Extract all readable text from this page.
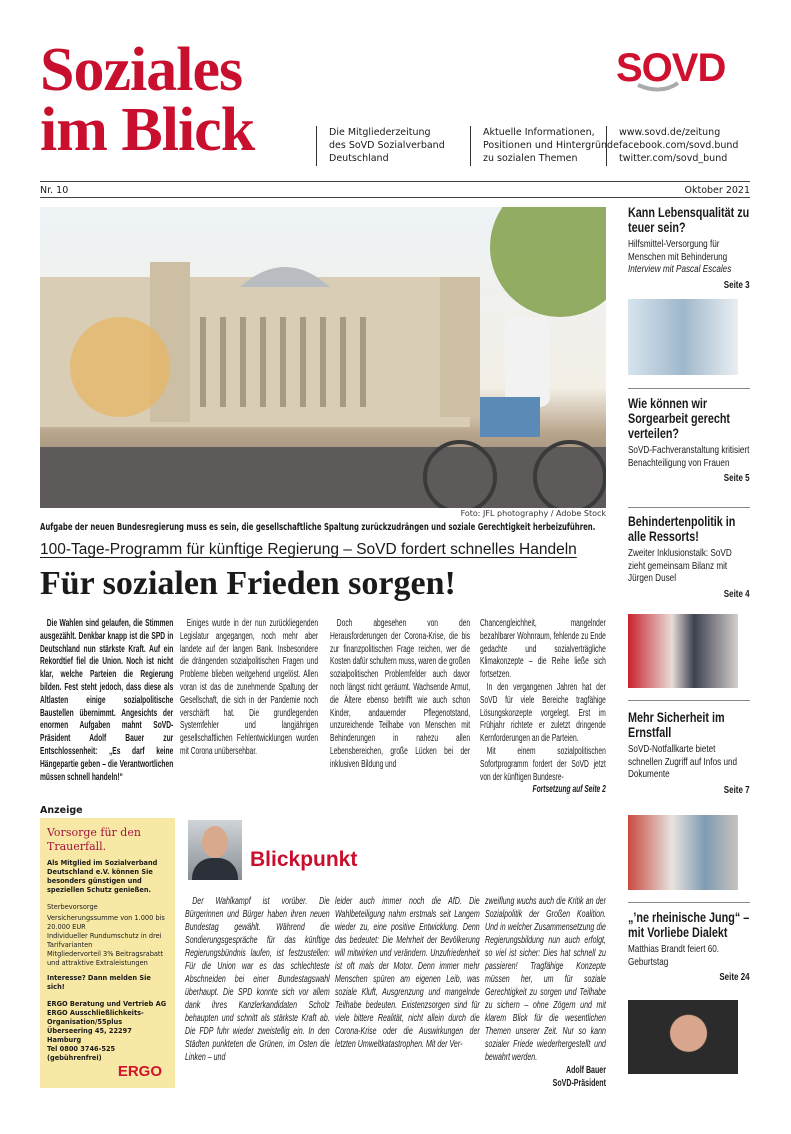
Soziales
im Blick	Die Mitgliederzeitung
des SoVD Sozialverband
Deutschland
Aktuelle Informationen,
Positionen und Hintergründe
zu sozialen Themen
www.sovd.de/zeitung
facebook.com/sovd.bund
twitter.com/sovd_bund
SOVD
Nr. 10	Oktober 2021
Foto: JFL photography / Adobe Stock
Aufgabe der neuen Bundesregierung muss es sein, die gesellschaftliche Spaltung zurückzudrängen und soziale Gerechtigkeit herbeizuführen.
100-Tage-Programm für künftige Regierung – SoVD fordert schnelles Handeln
Für sozialen Frieden sorgen!
Die Wahlen sind gelaufen, die Stimmen ausgezählt. Denkbar knapp ist die SPD in Deutschland nun stärkste Kraft. Auf ein Rekordtief fiel die Union. Noch ist nicht klar, welche Parteien die Regierung bilden. Fest steht jedoch, dass diese als Altlasten einige sozialpolitische Baustellen übernimmt. Angesichts der enormen Aufgaben mahnt SoVD-Präsident Adolf Bauer zur Entschlossenheit: „Es darf keine Hängepartie geben – die Verantwortlichen müssen schnell handeln!“
Einiges wurde in der nun zurückliegenden Legislatur angegangen, noch mehr aber landete auf der langen Bank. Insbesondere die drängenden sozialpolitischen Fragen und Probleme blieben weitgehend ungelöst. Allen voran ist das die zunehmende Spaltung der Gesellschaft, die sich in der Pandemie noch verschärft hat. Die grundlegenden Systemfehler und langjährigen gesellschaftlichen Fehlentwicklungen wurden mit Corona unübersehbar.
Doch abgesehen von den Herausforderungen der Corona-Krise, die bis zur finanzpolitischen Frage reichen, wer die Kosten dafür schultern muss, waren die großen sozialpolitischen Problemfelder auch davor noch längst nicht geräumt. Wachsende Armut, die Ältere ebenso betrifft wie auch schon Kinder, andauernder Pflegenotstand, unzureichende Teilhabe von Menschen mit Behinderungen in nahezu allen Lebensbereichen, große Lücken bei der inklusiven Bildung und

Chancengleichheit, mangelnder bezahlbarer Wohnraum, fehlende zu Ende gedachte und sozialverträgliche Klimakonzepte – die Reihe ließe sich fortsetzen.

In den vergangenen Jahren hat der SoVD für viele Bereiche tragfähige Lösungskonzepte vorgelegt. Erst im Frühjahr richtete er zuletzt dringende Kernforderungen an die Parteien.

Mit einem sozialpolitischen Sofortprogramm fordert der SoVD jetzt von der künftigen Bundesre-

Fortsetzung auf Seite 2

Anzeige
Vorsorge für den Trauerfall.
Als Mitglied im Sozialverband Deutschland e.V. können Sie besonders günstigen und speziellen Schutz genießen.
Sterbevorsorge
Versicherungssumme von 1.000 bis 20.000 EUR
Individueller Rundumschutz in drei Tarifvarianten
Mitgliedervorteil 3% Beitragsrabatt und attraktive Extraleistungen
Interesse? Dann melden Sie sich!
ERGO Beratung und Vertrieb AG
ERGO Ausschließlichkeits-
Organisation/55plus
Überseering 45, 22297 Hamburg
Tel 0800 3746-525 (gebührenfrei)
ERGO
Blickpunkt
Der Wahlkampf ist vorüber. Die Bürgerinnen und Bürger haben ihren neuen Bundestag gewählt. Während die Sondierungsgespräche für das künftige Regierungsbündnis laufen, ist festzustellen: Für die Union war es das schlechteste Abschneiden bei einer Bundestagswahl überhaupt. Die SPD konnte sich vor allem dank ihres Kanzlerkandidaten Scholz behaupten und schnitt als stärkste Kraft ab. Die FDP fuhr wieder zweistellig ein. In den Städten punkteten die Grünen, im Osten die Linken – und
leider auch immer noch die AfD. Die Wahlbeteiligung nahm erstmals seit Langem wieder zu, eine positive Entwicklung. Denn das bedeutet: Die Mehrheit der Bevölkerung will mitwirken und verändern. Unzufriedenheit ist oft mals der Motor. Denn immer mehr Menschen spüren am eigenen Leib, was soziale Kluft, Ausgrenzung und mangelnde Teilhabe bedeuten. Existenzsorgen sind für viele bittere Realität, nicht allein durch die Corona-Krise oder die Auswirkungen der letzten Umweltkatastrophen. Mit der Ver-
zweiflung wuchs auch die Kritik an der Sozialpolitik der Großen Koalition. Und in welcher Zusammensetzung die Regierungsbildung nun auch erfolgt, so viel ist sicher: Dies hat schnell zu passieren! Tragfähige Konzepte müssen her, um für soziale Gerechtigkeit zu sorgen und Teilhabe zu sichern – ohne Zögern und mit klarem Blick für die wesentlichen Themen unserer Zeit. Nur so kann sozialer Friede wiederhergestellt und bewahrt werden.
Adolf Bauer
SoVD-Präsident
Kann Lebensqualität zu teuer sein?
Hilfsmittel-Versorgung für Menschen mit Behinderung
Interview mit Pascal Escales
Seite 3
Wie können wir Sorgearbeit gerecht verteilen?
SoVD-Fachveranstaltung kritisiert Benachteiligung von Frauen
Seite 5
Behindertenpolitik in alle Ressorts!
Zweiter Inklusionstalk: SoVD zieht gemeinsam Bilanz mit Jürgen Dusel
Seite 4
Mehr Sicherheit im Ernstfall
SoVD-Notfallkarte bietet schnellen Zugriff auf Infos und Dokumente
Seite 7
„’ne rheinische Jung“ – mit Vorliebe Dialekt
Matthias Brandt feiert 60. Geburtstag
Seite 24
